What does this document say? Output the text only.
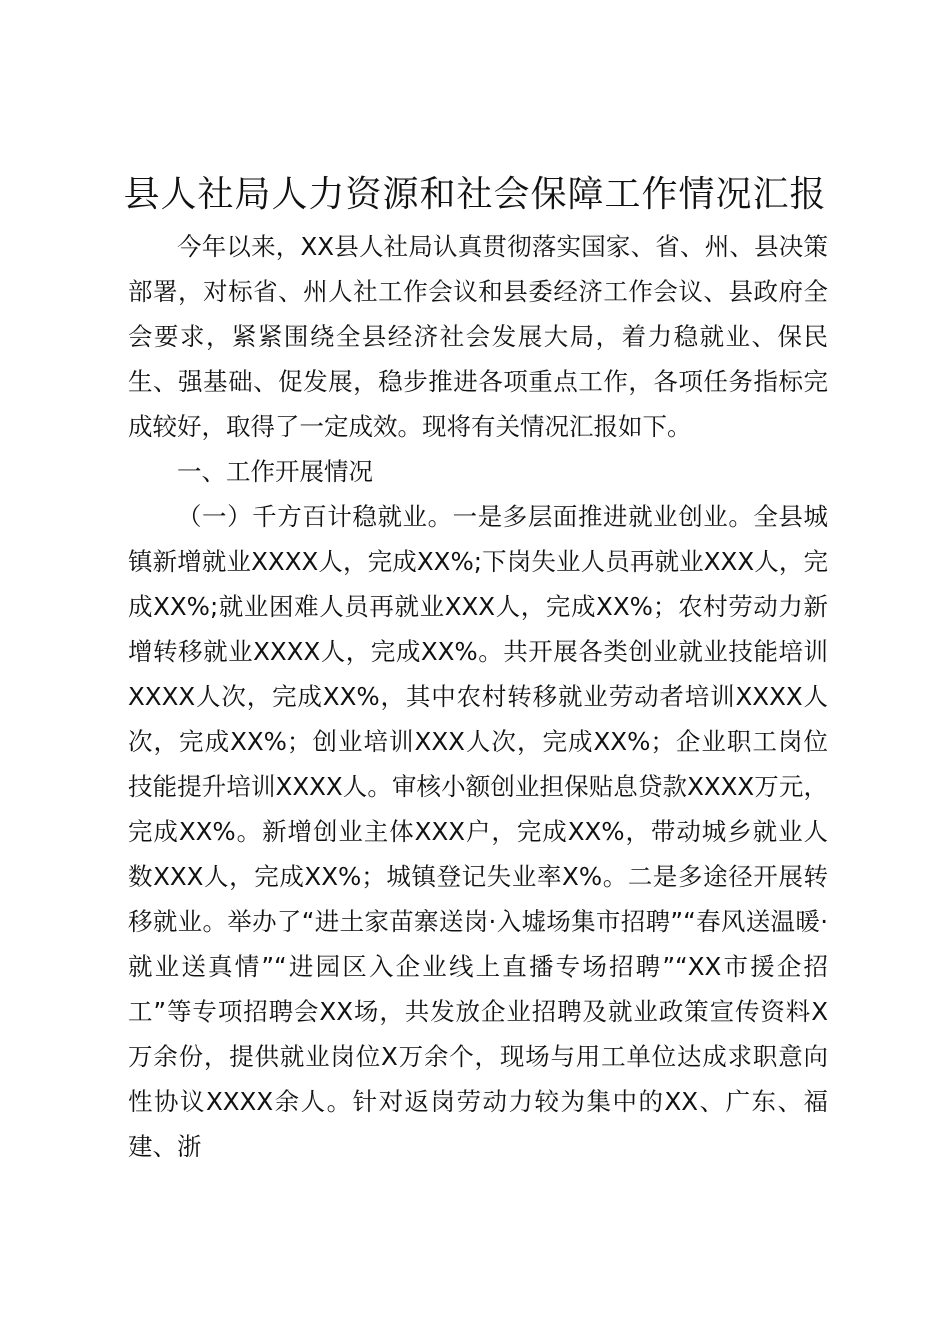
县人社局人力资源和社会保障工作情况汇报

今年以来，XX县人社局认真贯彻落实国家、省、州、县决策部署，对标省、州人社工作会议和县委经济工作会议、县政府全会要求，紧紧围绕全县经济社会发展大局，着力稳就业、保民生、强基础、促发展，稳步推进各项重点工作，各项任务指标完成较好，取得了一定成效。现将有关情况汇报如下。

一、工作开展情况

（一）千方百计稳就业。一是多层面推进就业创业。全县城镇新增就业XXXX人，完成XX%;下岗失业人员再就业XXX人，完成XX%;就业困难人员再就业XXX人，完成XX%；农村劳动力新增转移就业XXXX人，完成XX%。共开展各类创业就业技能培训XXXX人次，完成XX%，其中农村转移就业劳动者培训XXXX人次，完成XX%；创业培训XXX人次，完成XX%；企业职工岗位技能提升培训XXXX人。审核小额创业担保贴息贷款XXXX万元，完成XX%。新增创业主体XXX户，完成XX%，带动城乡就业人数XXX人，完成XX%；城镇登记失业率X%。二是多途径开展转移就业。举办了“进土家苗寨送岗·入墟场集市招聘”“春风送温暖·就业送真情”“进园区入企业线上直播专场招聘”“XX市援企招工”等专项招聘会XX场，共发放企业招聘及就业政策宣传资料X万余份，提供就业岗位X万余个，现场与用工单位达成求职意向性协议XXXX余人。针对返岗劳动力较为集中的XX、广东、福建、浙
